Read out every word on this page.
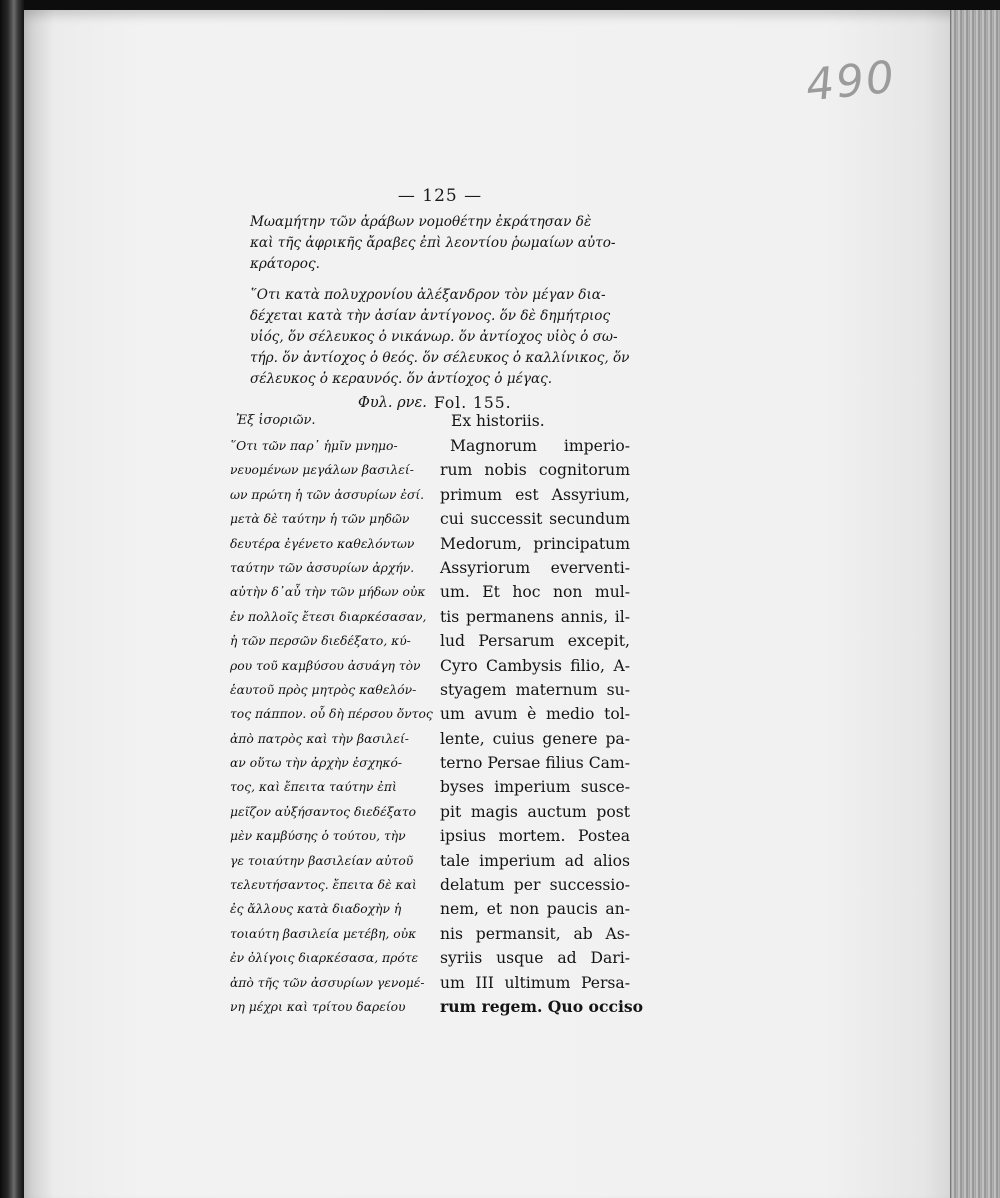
490
— 125 —
Μωαμήτην τῶν ἀράβων νομοθέτην ἐκράτησαν δὲ
καὶ τῆς ἀφρικῆς ἄραβες ἐπὶ λεοντίου ῥωμαίων αὐτο-
κράτορος.
῞Οτι κατὰ πολυχρονίου ἀλέξανδρον τὸν μέγαν δια-
δέχεται κατὰ τὴν ἀσίαν ἀντίγονος. ὅν δὲ δημήτριος
υἱός, ὅν σέλευκος ὁ νικάνωρ. ὅν ἀντίοχος υἱὸς ὁ σω-
τήρ. ὅν ἀντίοχος ὁ θεός. ὅν σέλευκος ὁ καλλίνικος, ὅν
σέλευκος ὁ κεραυνός. ὅν ἀντίοχος ὁ μέγας.
Φυλ. ρνε. Fol. 155.
Ἐξ ἱσοριῶν.	Ex historiis.
῞Οτι τῶν παρ᾽ ἡμῖν μνημο-
νευομένων μεγάλων βασιλεί-
ων πρώτη ἡ τῶν ἀσσυρίων ἐσί.
μετὰ δὲ ταύτην ἡ τῶν μηδῶν
δευτέρα ἐγένετο καθελόντων
ταύτην τῶν ἀσσυρίων ἀρχήν.
αὐτὴν δ᾽αὖ τὴν τῶν μήδων οὐκ
ἐν πολλοῖς ἔτεσι διαρκέσασαν,
ἡ τῶν περσῶν διεδέξατο, κύ-
ρου τοῦ καμβύσου ἀσυάγη τὸν
ἑαυτοῦ πρὸς μητρὸς καθελόν-
τος πάππον. οὗ δὴ πέρσου ὄντος
ἀπὸ πατρὸς καὶ τὴν βασιλεί-
αν οὕτω τὴν ἀρχὴν ἐσχηκό-
τος, καὶ ἔπειτα ταύτην ἐπὶ
μεῖζον αὐξήσαντος διεδέξατο
μὲν καμβύσης ὁ τούτου, τὴν
γε τοιαύτην βασιλείαν αὐτοῦ
τελευτήσαντος. ἔπειτα δὲ καὶ
ἐς ἄλλους κατὰ διαδοχὴν ἡ
τοιαύτη βασιλεία μετέβη, οὐκ
ἐν ὀλίγοις διαρκέσασα, πρότε
ἀπὸ τῆς τῶν ἀσσυρίων γενομέ-
νη μέχρι καὶ τρίτου δαρείου
Magnorum imperio-
rum nobis cognitorum
primum est Assyrium,
cui successit secundum
Medorum, principatum
Assyriorum everventi-
um. Et hoc non mul-
tis permanens annis, il-
lud Persarum excepit,
Cyro Cambysis filio, A-
styagem maternum su-
um avum è medio tol-
lente, cuius genere pa-
terno Persae filius Cam-
byses imperium susce-
pit magis auctum post
ipsius mortem. Postea
tale imperium ad alios
delatum per successio-
nem, et non paucis an-
nis permansit, ab As-
syriis usque ad Dari-
um III ultimum Persa-
rum regem. Quo occiso
